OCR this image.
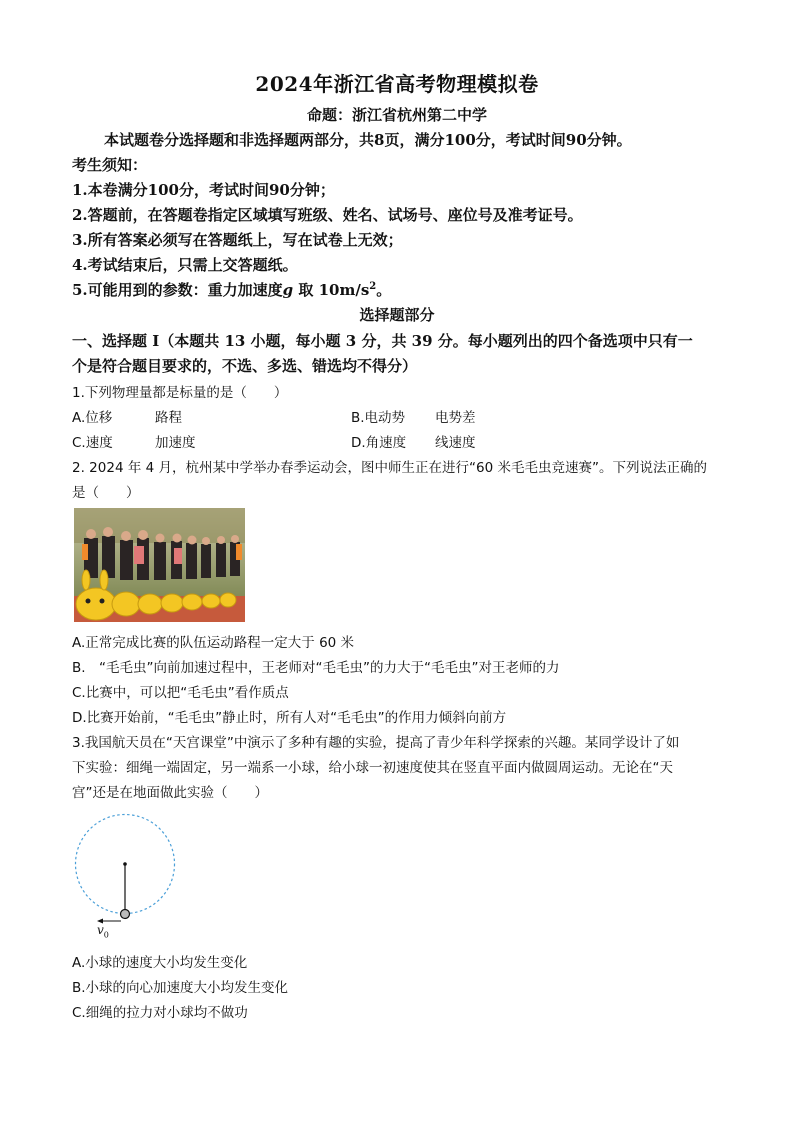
2024年浙江省高考物理模拟卷
命题：浙江省杭州第二中学
本试题卷分选择题和非选择题两部分，共8页，满分100分，考试时间90分钟。
考生须知：
1.本卷满分100分，考试时间90分钟；
2.答题前，在答题卷指定区域填写班级、姓名、试场号、座位号及准考证号。
3.所有答案必须写在答题纸上，写在试卷上无效；
4.考试结束后，只需上交答题纸。
5.可能用到的参数：重力加速度g 取 $10m/s^2$。
选择题部分
一、选择题 I（本题共 13 小题，每小题 3 分，共 39 分。每小题列出的四个备选项中只有一
个是符合题目要求的，不选、多选、错选均不得分）
1.下列物理量都是标量的是（　　）
A.位移	路程	B.电动势 电势差
C.速度	加速度	D.角速度 线速度
2. 2024 年 4 月，杭州某中学举办春季运动会，图中师生正在进行“60 米毛毛虫竞速赛”。下列说法正确的
是（　　）
A.正常完成比赛的队伍运动路程一定大于 60 米
B.　“毛毛虫”向前加速过程中，王老师对“毛毛虫”的力大于“毛毛虫”对王老师的力
C.比赛中，可以把“毛毛虫”看作质点
D.比赛开始前，“毛毛虫”静止时，所有人对“毛毛虫”的作用力倾斜向前方
3.我国航天员在“天宫课堂”中演示了多种有趣的实验，提高了青少年科学探索的兴趣。某同学设计了如
下实验：细绳一端固定，另一端系一小球，给小球一初速度使其在竖直平面内做圆周运动。无论在“天
宫”还是在地面做此实验（　　）
$v_0$
A.小球的速度大小均发生变化
B.小球的向心加速度大小均发生变化
C.细绳的拉力对小球均不做功
